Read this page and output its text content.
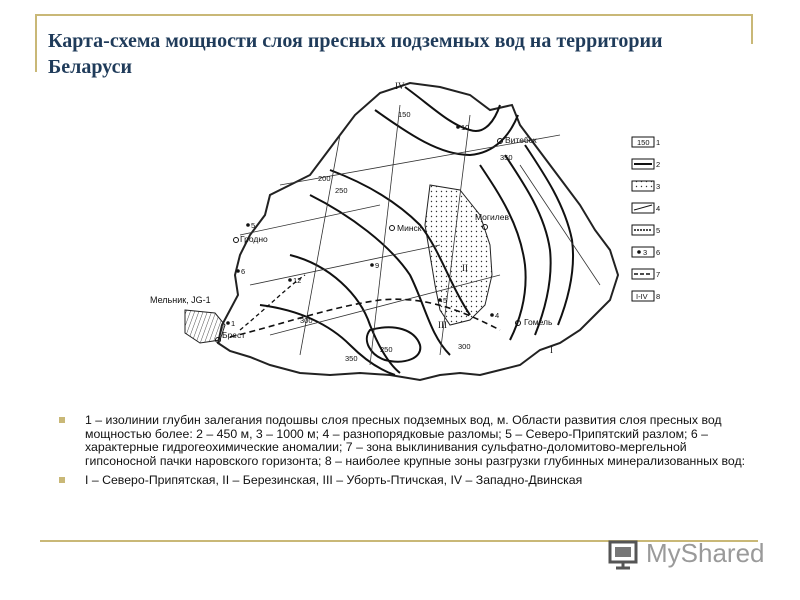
Карта-схема мощности слоя пресных подземных вод на территории Беларуси
Витебск
Минск
Могилев
Гродно
Гомель
Брест
Мельник, JG-1
IV
II
III
I
150
200
250
300
350
250	300
350
12
6
9
10
4
1
5
5
150 1
2
3
4
5
3 6
7
I-IV 8
1 – изолинии глубин залегания подошвы слоя пресных подземных вод, м. Области развития слоя пресных вод мощностью более: 2 – 450 м, 3 – 1000 м; 4 – разнопорядковые разломы; 5 – Северо-Припятский разлом; 6 – характерные гидрогеохимические аномалии; 7 – зона выклинивания сульфатно-доломитово-мергельной гипсоносной пачки наровского горизонта; 8 – наиболее крупные зоны разгрузки глубинных минерализованных вод:
I – Северо-Припятская, II – Березинская, III – Уборть-Птичская, IV – Западно-Двинская
MyShared
